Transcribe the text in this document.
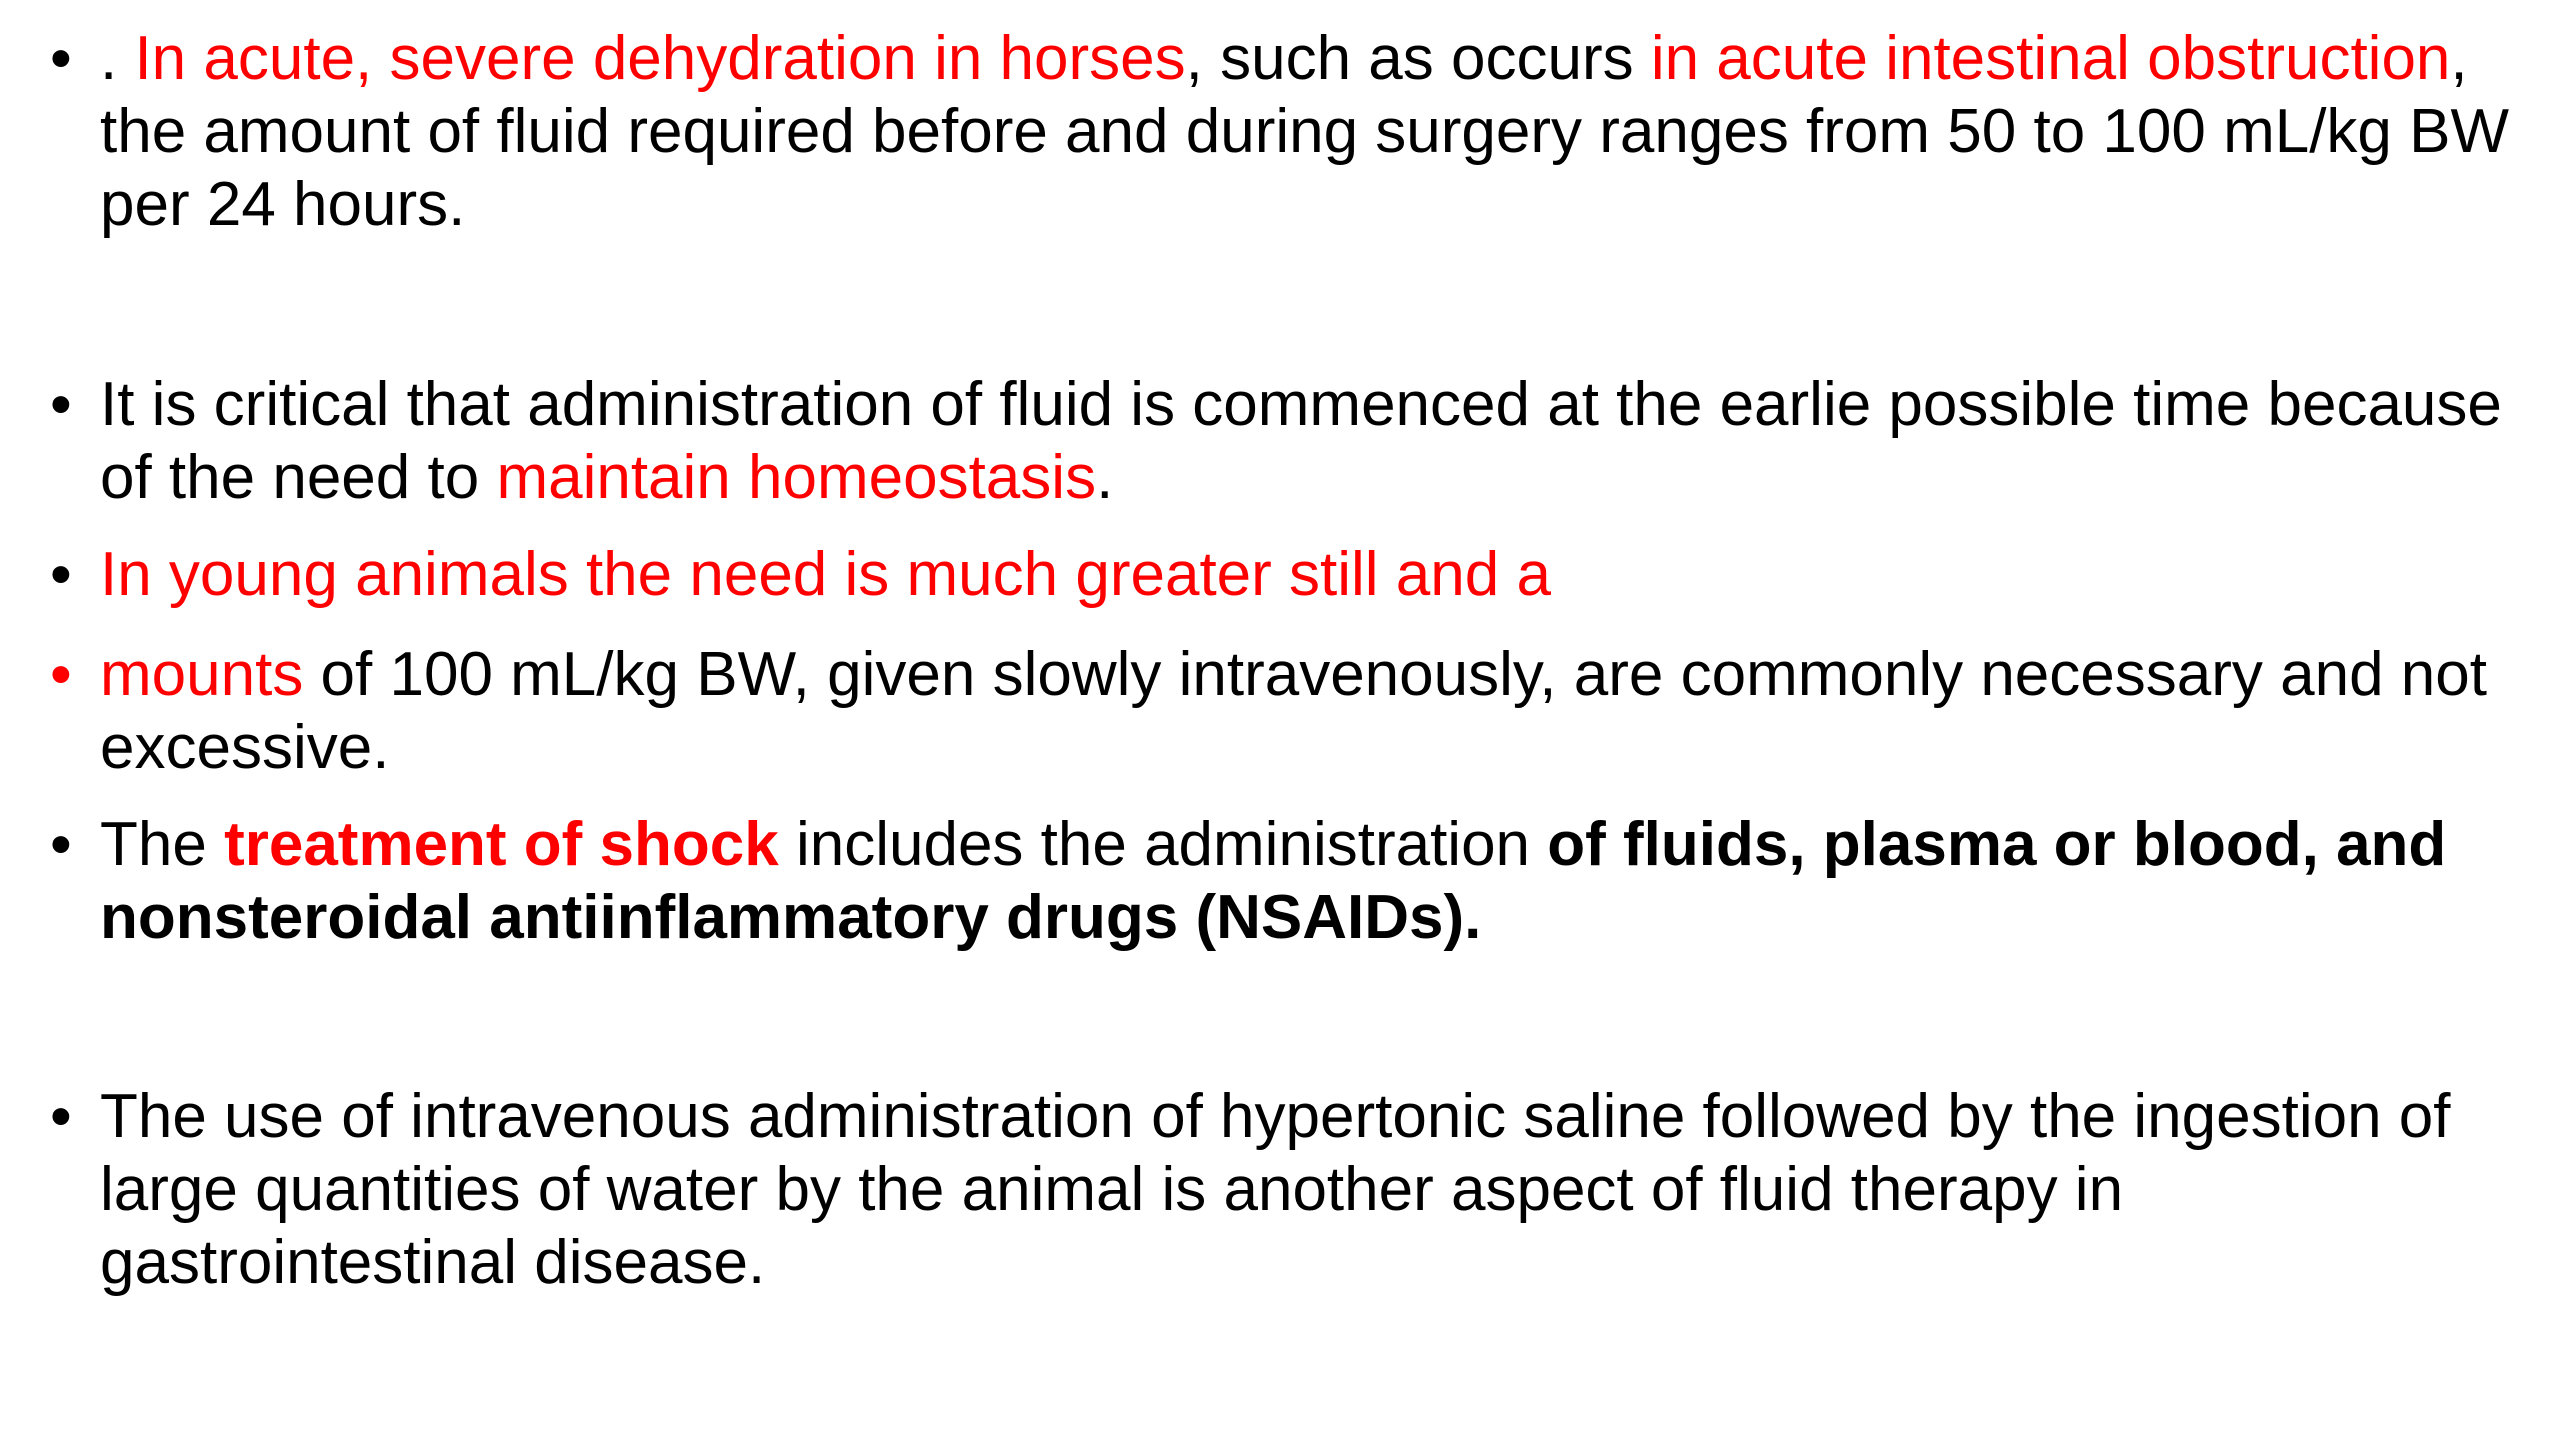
• . In acute, severe dehydration in horses, such as occurs in acute intestinal obstruction, the amount of fluid required before and during surgery ranges from 50 to 100 mL/kg BW per 24 hours.
• It is critical that administration of fluid is commenced at the earlie possible time because of the need to maintain homeostasis.
• In young animals the need is much greater still and a
• mounts of 100 mL/kg BW, given slowly intravenously, are commonly necessary and not excessive.
• The treatment of shock includes the administration of fluids, plasma or blood, and nonsteroidal antiinflammatory drugs (NSAIDs).
• The use of intravenous administration of hypertonic saline followed by the ingestion of large quantities of water by the animal is another aspect of fluid therapy in gastrointestinal disease.
